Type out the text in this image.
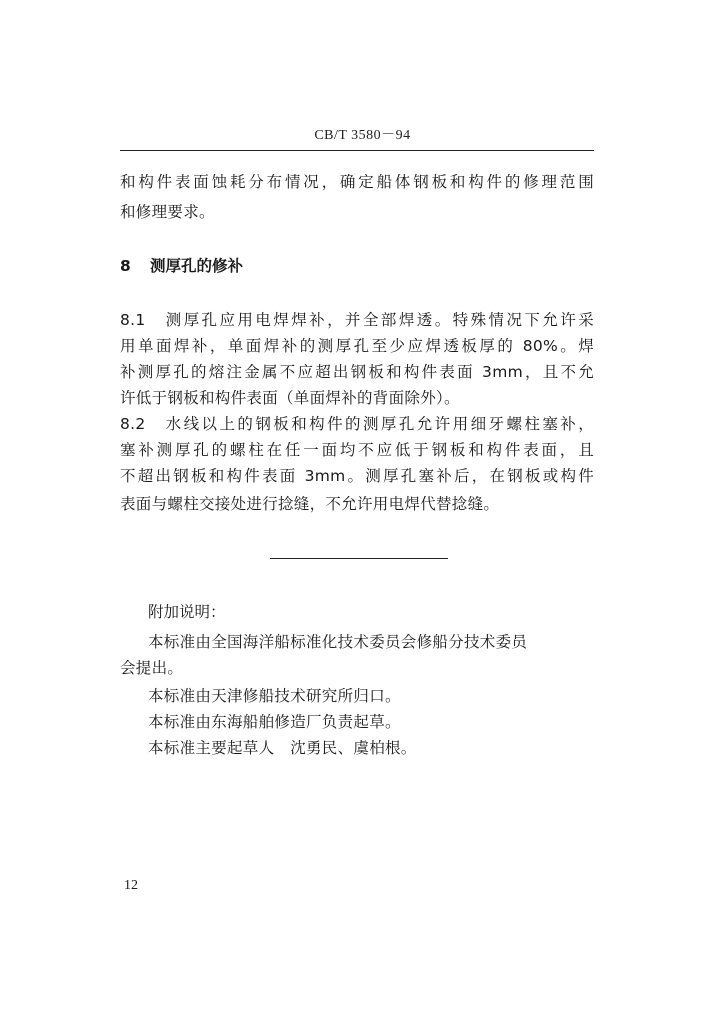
CB/T 3580－94
和构件表面蚀耗分布情况，确定船体钢板和构件的修理范围
和修理要求。
8 测厚孔的修补
8.1　测厚孔应用电焊焊补，并全部焊透。特殊情况下允许采
用单面焊补，单面焊补的测厚孔至少应焊透板厚的 80%。焊
补测厚孔的熔注金属不应超出钢板和构件表面 3mm，且不允
许低于钢板和构件表面（单面焊补的背面除外）。
8.2　水线以上的钢板和构件的测厚孔允许用细牙螺柱塞补，
塞补测厚孔的螺柱在任一面均不应低于钢板和构件表面，且
不超出钢板和构件表面 3mm。测厚孔塞补后，在钢板或构件
表面与螺柱交接处进行捻缝，不允许用电焊代替捻缝。
附加说明：
本标准由全国海洋船标准化技术委员会修船分技术委员
会提出。
本标准由天津修船技术研究所归口。
本标准由东海船舶修造厂负责起草。
本标准主要起草人　沈勇民、虞柏根。
12
